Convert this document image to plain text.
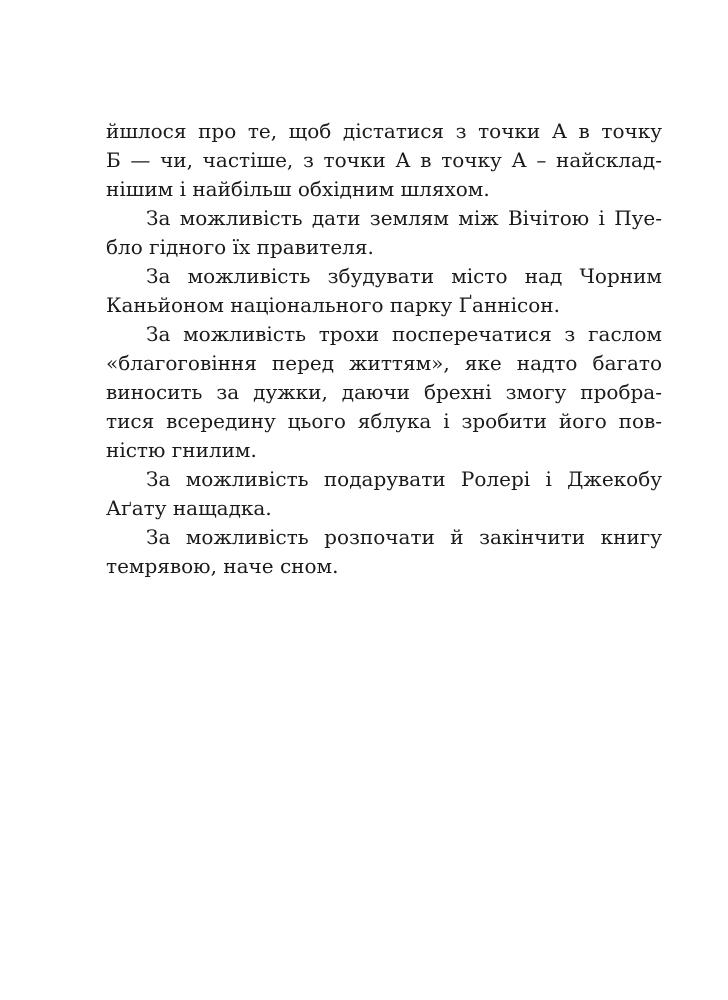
йшлося про те, щоб дістатися з точки А в точку
Б — чи, частіше, з точки А в точку А – найсклад-
нішим і найбільш обхідним шляхом.

За можливість дати землям між Вічітою і Пуе-
бло гідного їх правителя.

За можливість збудувати місто над Чорним
Каньйоном національного парку Ґаннісон.

За можливість трохи посперечатися з гаслом
«благоговіння перед життям», яке надто багато
виносить за дужки, даючи брехні змогу пробра-
тися всередину цього яблука і зробити його пов-
ністю гнилим.

За можливість подарувати Ролері і Джекобу
Аґату нащадка.

За можливість розпочати й закінчити книгу
темрявою, наче сном.
